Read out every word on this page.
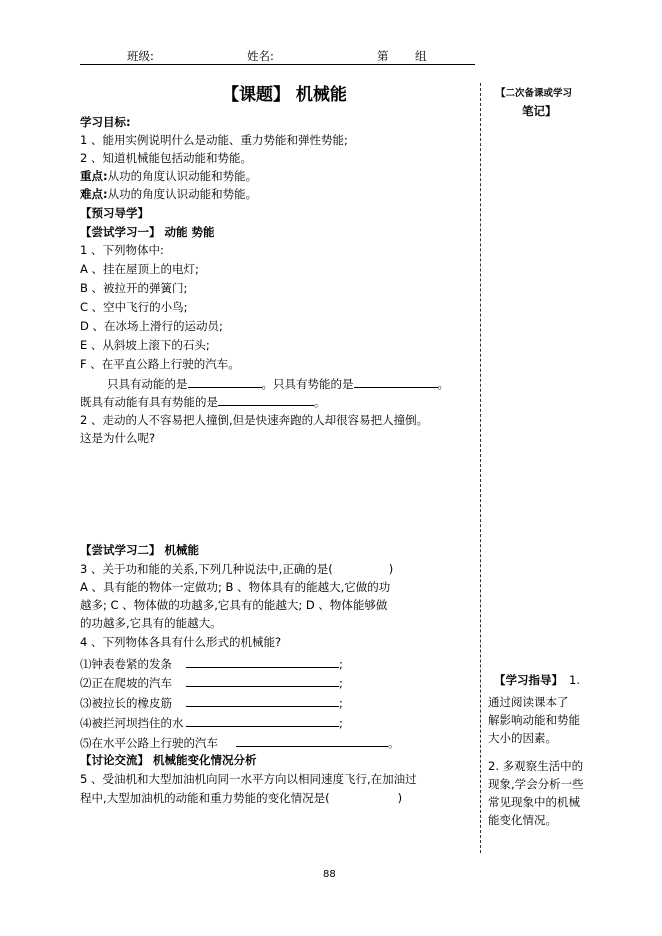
班级:	姓名:	第 组
【课题】 机械能
学习目标:
1 、能用实例说明什么是动能、重力势能和弹性势能;
2 、知道机械能包括动能和势能。
重点:从功的角度认识动能和势能。
难点:从功的角度认识动能和势能。
【预习导学】
【尝试学习一】 动能 势能
1 、下列物体中:
A 、挂在屋顶上的电灯;
B 、被拉开的弹簧门;
C 、空中飞行的小鸟;
D 、在冰场上滑行的运动员;
E 、从斜坡上滚下的石头;
F 、在平直公路上行驶的汽车。
只具有动能的是	。只具有势能的是	。
既具有动能有具有势能的是	。
2 、走动的人不容易把人撞倒,但是快速奔跑的人却很容易把人撞倒。
这是为什么呢?
【尝试学习二】 机械能
3 、关于功和能的关系,下列几种说法中,正确的是(	)
A 、具有能的物体一定做功; B 、物体具有的能越大,它做的功
越多; C 、物体做的功越多,它具有的能越大; D 、物体能够做
的功越多,它具有的能越大。
4 、下列物体各具有什么形式的机械能?
⑴钟表卷紧的发条	;
⑵正在爬坡的汽车	;
⑶被拉长的橡皮筋	;
⑷被拦河坝挡住的水	;
⑸在水平公路上行驶的汽车	。
【讨论交流】 机械能变化情况分析
5 、受油机和大型加油机向同一水平方向以相同速度飞行,在加油过
程中,大型加油机的动能和重力势能的变化情况是(	)
【二次备课或学习
笔记】
【学习指导】 1.
通过阅读课本了
解影响动能和势能
大小的因素。
2. 多观察生活中的
现象,学会分析一些
常见现象中的机械
能变化情况。
88
